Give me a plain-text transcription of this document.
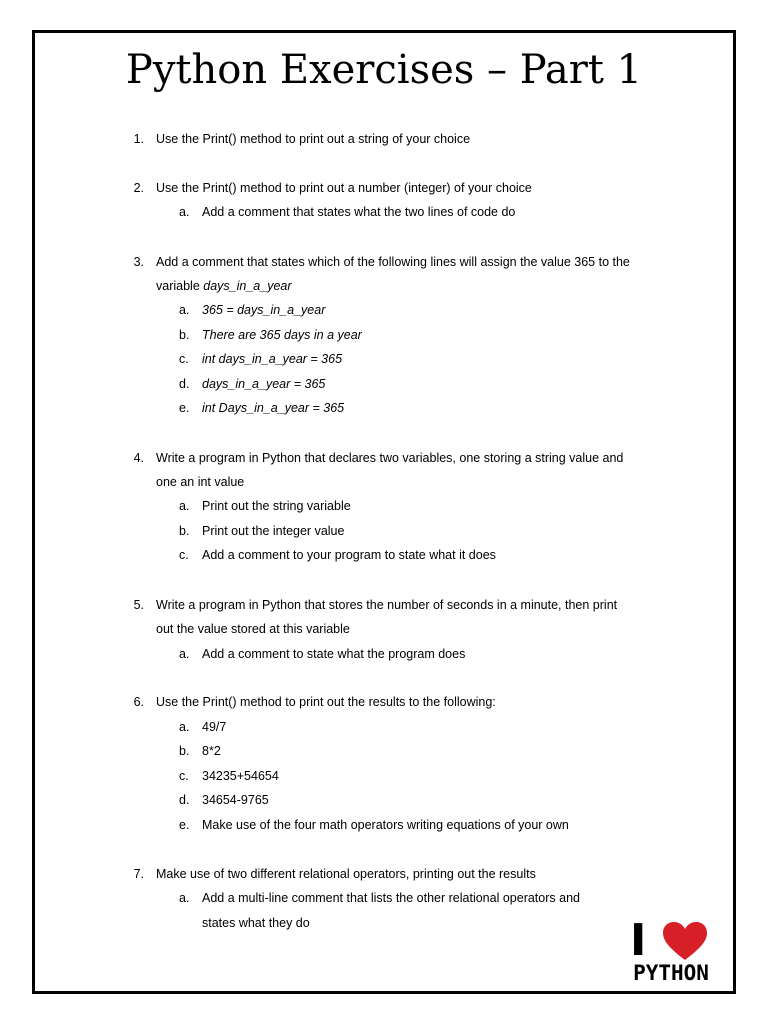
Python Exercises – Part 1
1. Use the Print() method to print out a string of your choice
2. Use the Print() method to print out a number (integer) of your choice
a. Add a comment that states what the two lines of code do
3. Add a comment that states which of the following lines will assign the value 365 to the
variable days_in_a_year
a. 365 = days_in_a_year
b. There are 365 days in a year
c. int days_in_a_year = 365
d. days_in_a_year = 365
e. int Days_in_a_year = 365
4. Write a program in Python that declares two variables, one storing a string value and
one an int value
a. Print out the string variable
b. Print out the integer value
c. Add a comment to your program to state what it does
5. Write a program in Python that stores the number of seconds in a minute, then print
out the value stored at this variable
a. Add a comment to state what the program does
6. Use the Print() method to print out the results to the following:
a. 49/7
b. 8*2
c. 34235+54654
d. 34654-9765
e. Make use of the four math operators writing equations of your own
7. Make use of two different relational operators, printing out the results
a. Add a multi-line comment that lists the other relational operators and
states what they do	I
PYTHON
